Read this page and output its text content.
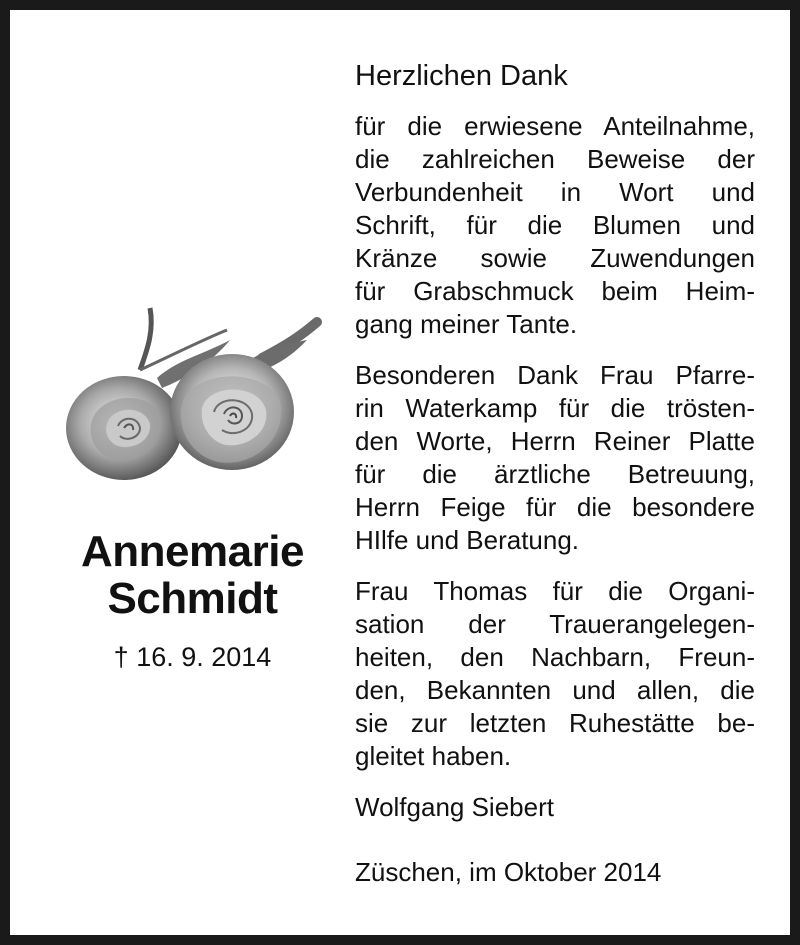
Annemarie

Schmidt

† 16. 9. 2014
Herzlichen Dank
für die erwiesene Anteilnahme,
die zahlreichen Beweise der
Verbundenheit in Wort und
Schrift, für die Blumen und
Kränze sowie Zuwendungen
für Grabschmuck beim Heim-
gang meiner Tante.
Besonderen Dank Frau Pfarre-
rin Waterkamp für die trösten-
den Worte, Herrn Reiner Platte
für die ärztliche Betreuung,
Herrn Feige für die besondere
HIlfe und Beratung.
Frau Thomas für die Organi-
sation der Trauerangelegen-
heiten, den Nachbarn, Freun-
den, Bekannten und allen, die
sie zur letzten Ruhestätte be-
gleitet haben.
Wolfgang Siebert
Züschen, im Oktober 2014
